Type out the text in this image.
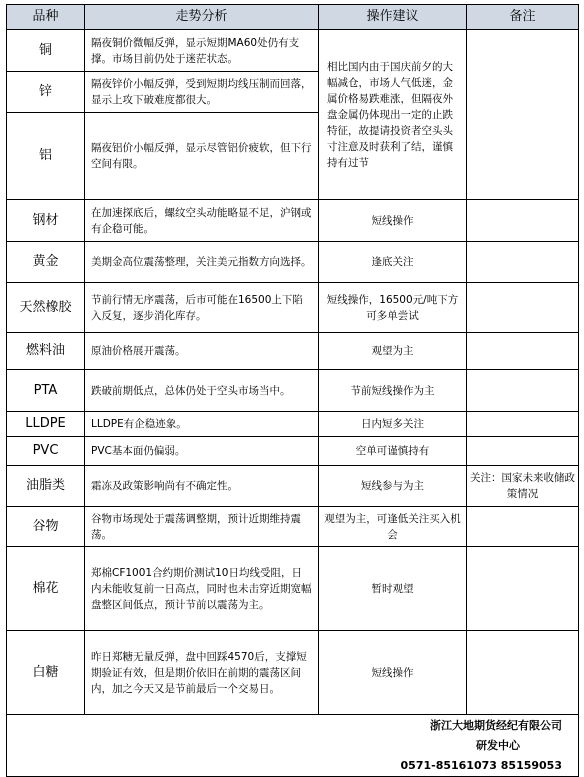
品种	走势分析	操作建议	备注
铜	隔夜铜价微幅反弹，显示短期MA60处仍有支撑。市场目前仍处于迷茫状态。	相比国内由于国庆前夕的大幅减仓，市场人气低迷，金属价格易跌难涨，但隔夜外盘金属仍体现出一定的止跌特征，故提请投资者空头头寸注意及时获利了结，谨慎持有过节	
锌	隔夜锌价小幅反弹，受到短期均线压制而回落，显示上攻下破难度都很大。		
铝	隔夜铝价小幅反弹，显示尽管铝价疲软，但下行空间有限。		
钢材	在加速探底后，螺纹空头动能略显不足，沪钢或有企稳可能。	短线操作	
黄金	美期金高位震荡整理，关注美元指数方向选择。	逢底关注	
天然橡胶	节前行情无序震荡，后市可能在16500上下陷入反复，逐步消化库存。	短线操作，16500元/吨下方可多单尝试	
燃料油	原油价格展开震荡。	观望为主	
PTA	跌破前期低点，总体仍处于空头市场当中。	节前短线操作为主	
LLDPE	LLDPE有企稳迹象。	日内短多关注	
PVC	PVC基本面仍偏弱。	空单可谨慎持有	
油脂类	霜冻及政策影响尚有不确定性。	短线参与为主	关注：国家未来收储政策情况
谷物	谷物市场现处于震荡调整期，预计近期维持震荡。	观望为主，可逢低关注买入机会	
棉花	郑棉CF1001合约期价测试10日均线受阻，日内未能收复前一日高点，同时也未击穿近期宽幅盘整区间低点，预计节前以震荡为主。	暂时观望	
白糖	昨日郑糖无量反弹，盘中回踩4570后，支撑短期验证有效，但是期价依旧在前期的震荡区间内，加之今天又是节前最后一个交易日。	短线操作	

浙江大地期货经纪有限公司
研发中心
0571-85161073 85159053			
